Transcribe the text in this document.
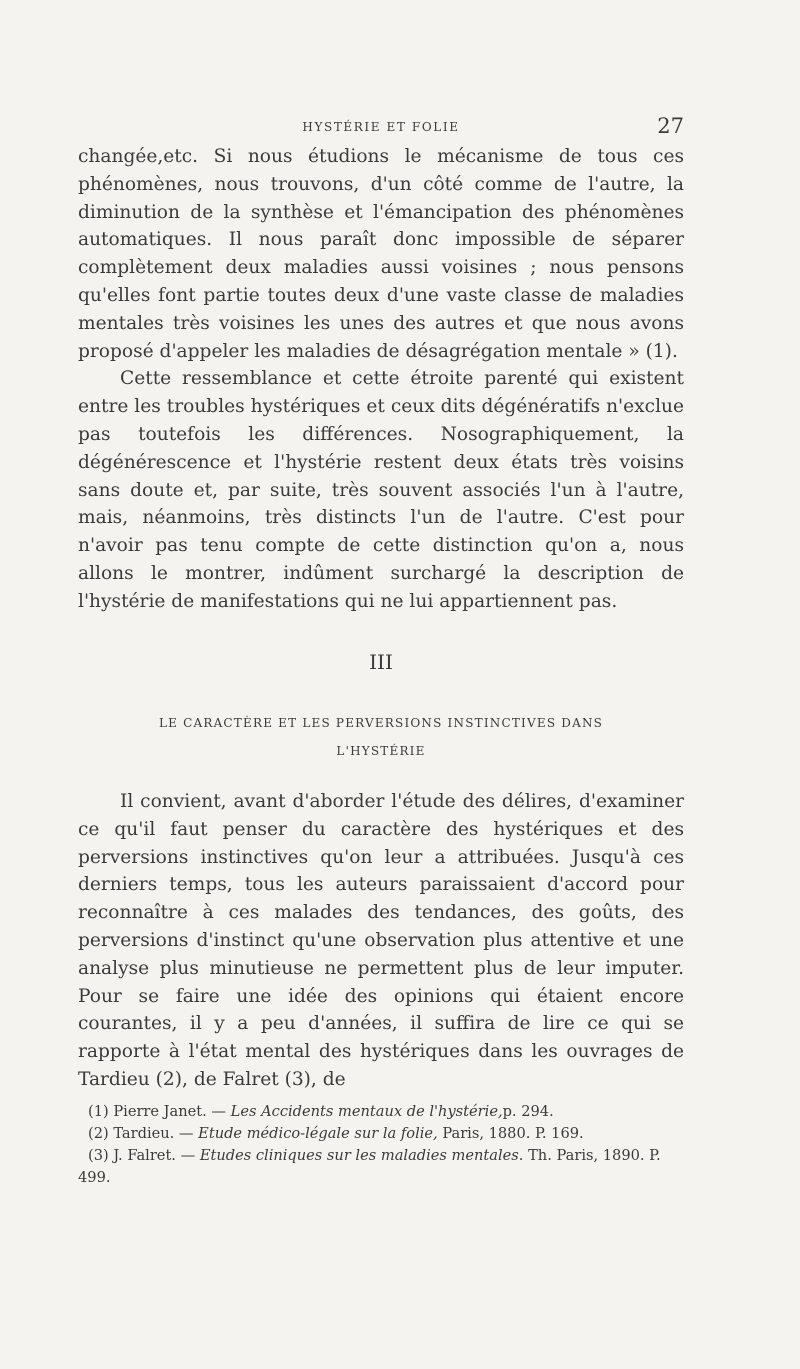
HYSTÉRIE ET FOLIE	27

changée,etc. Si nous étudions le mécanisme de tous ces phénomènes, nous trouvons, d'un côté comme de l'autre, la diminution de la synthèse et l'émancipation des phénomènes automatiques. Il nous paraît donc impossible de séparer complètement deux maladies aussi voisines ; nous pensons qu'elles font partie toutes deux d'une vaste classe de maladies mentales très voisines les unes des autres et que nous avons proposé d'appeler les maladies de désagrégation mentale » (1).

Cette ressemblance et cette étroite parenté qui existent entre les troubles hystériques et ceux dits dégénératifs n'exclue pas toutefois les différences. Nosographiquement, la dégénérescence et l'hystérie restent deux états très voisins sans doute et, par suite, très souvent associés l'un à l'autre, mais, néanmoins, très distincts l'un de l'autre. C'est pour n'avoir pas tenu compte de cette distinction qu'on a, nous allons le montrer, indûment surchargé la description de l'hystérie de manifestations qui ne lui appartiennent pas.

III
LE CARACTÈRE ET LES PERVERSIONS INSTINCTIVES DANS
L'HYSTÉRIE

Il convient, avant d'aborder l'étude des délires, d'examiner ce qu'il faut penser du caractère des hystériques et des perversions instinctives qu'on leur a attribuées. Jusqu'à ces derniers temps, tous les auteurs paraissaient d'accord pour reconnaître à ces malades des tendances, des goûts, des perversions d'instinct qu'une observation plus attentive et une analyse plus minutieuse ne permettent plus de leur imputer. Pour se faire une idée des opinions qui étaient encore courantes, il y a peu d'années, il suffira de lire ce qui se rapporte à l'état mental des hystériques dans les ouvrages de Tardieu (2), de Falret (3), de

(1) Pierre Janet. — Les Accidents mentaux de l'hystérie,p. 294.

(2) Tardieu. — Etude médico-légale sur la folie, Paris, 1880. P. 169.

(3) J. Falret. — Etudes cliniques sur les maladies mentales. Th. Paris, 1890. P. 499.
